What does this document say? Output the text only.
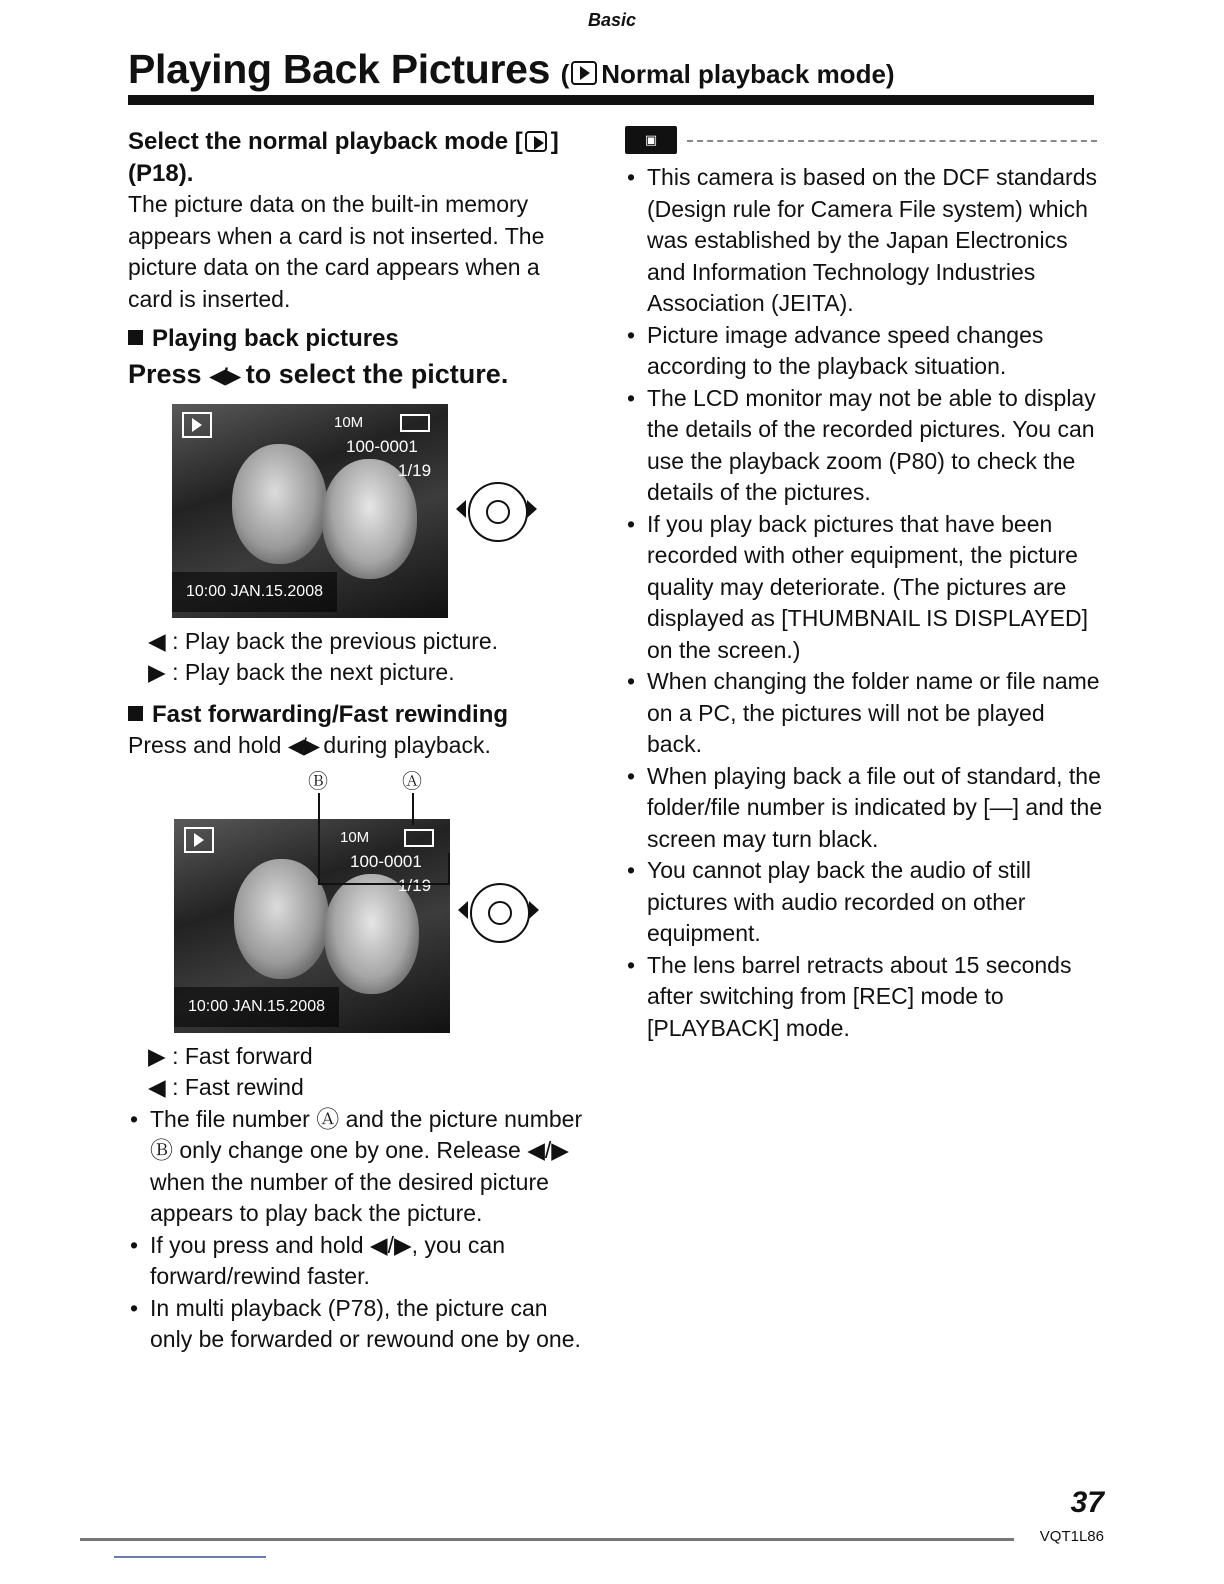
Basic
Playing Back Pictures ( Normal playback mode)
Select the normal playback mode [ ]
(P18).
The picture data on the built-in memory appears when a card is not inserted. The picture data on the card appears when a card is inserted.
Playing back pictures
Press ◀/▶ to select the picture.
10M
100-0001
1/19
10:00 JAN.15.2008
◀ : Play back the previous picture.
▶ : Play back the next picture.
Fast forwarding/Fast rewinding
Press and hold ◀/▶ during playback.
Ⓑ	Ⓐ
10M
100-0001
1/19
10:00 JAN.15.2008
▶ : Fast forward
◀ : Fast rewind
• The file number Ⓐ and the picture number Ⓑ only change one by one. Release ◀/▶ when the number of the desired picture appears to play back the picture.
• If you press and hold ◀/▶, you can forward/rewind faster.
• In multi playback (P78), the picture can only be forwarded or rewound one by one.
▣
• This camera is based on the DCF standards (Design rule for Camera File system) which was established by the Japan Electronics and Information Technology Industries Association (JEITA).
• Picture image advance speed changes according to the playback situation.
• The LCD monitor may not be able to display the details of the recorded pictures. You can use the playback zoom (P80) to check the details of the pictures.
• If you play back pictures that have been recorded with other equipment, the picture quality may deteriorate. (The pictures are displayed as [THUMBNAIL IS DISPLAYED] on the screen.)
• When changing the folder name or file name on a PC, the pictures will not be played back.
• When playing back a file out of standard, the folder/file number is indicated by [—] and the screen may turn black.
• You cannot play back the audio of still pictures with audio recorded on other equipment.
• The lens barrel retracts about 15 seconds after switching from [REC] mode to [PLAYBACK] mode.
37
VQT1L86
